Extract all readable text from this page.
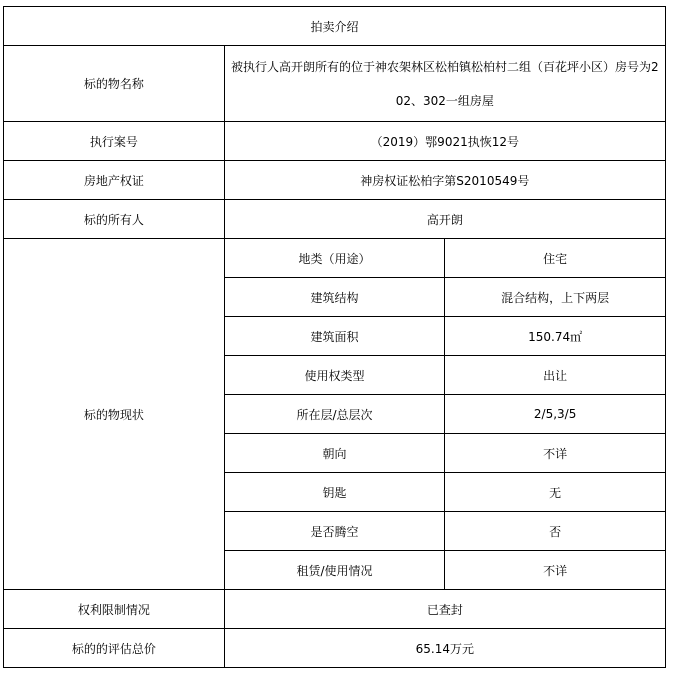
拍卖介绍		
标的物名称	被执行人高开朗所有的位于神农架林区松柏镇松柏村二组（百花坪小区）房号为202、302一组房屋	
执行案号	（2019）鄂9021执恢12号	
房地产权证	神房权证松柏字第S2010549号	
标的所有人	高开朗	
标的物现状	地类（用途）	住宅
	建筑结构	混合结构，上下两层
	建筑面积	150.74㎡
	使用权类型	出让
	所在层/总层次	2/5,3/5
	朝向	不详
	钥匙	无
	是否腾空	否
	租赁/使用情况	不详
权利限制情况	已查封	
标的的评估总价	65.14万元	
